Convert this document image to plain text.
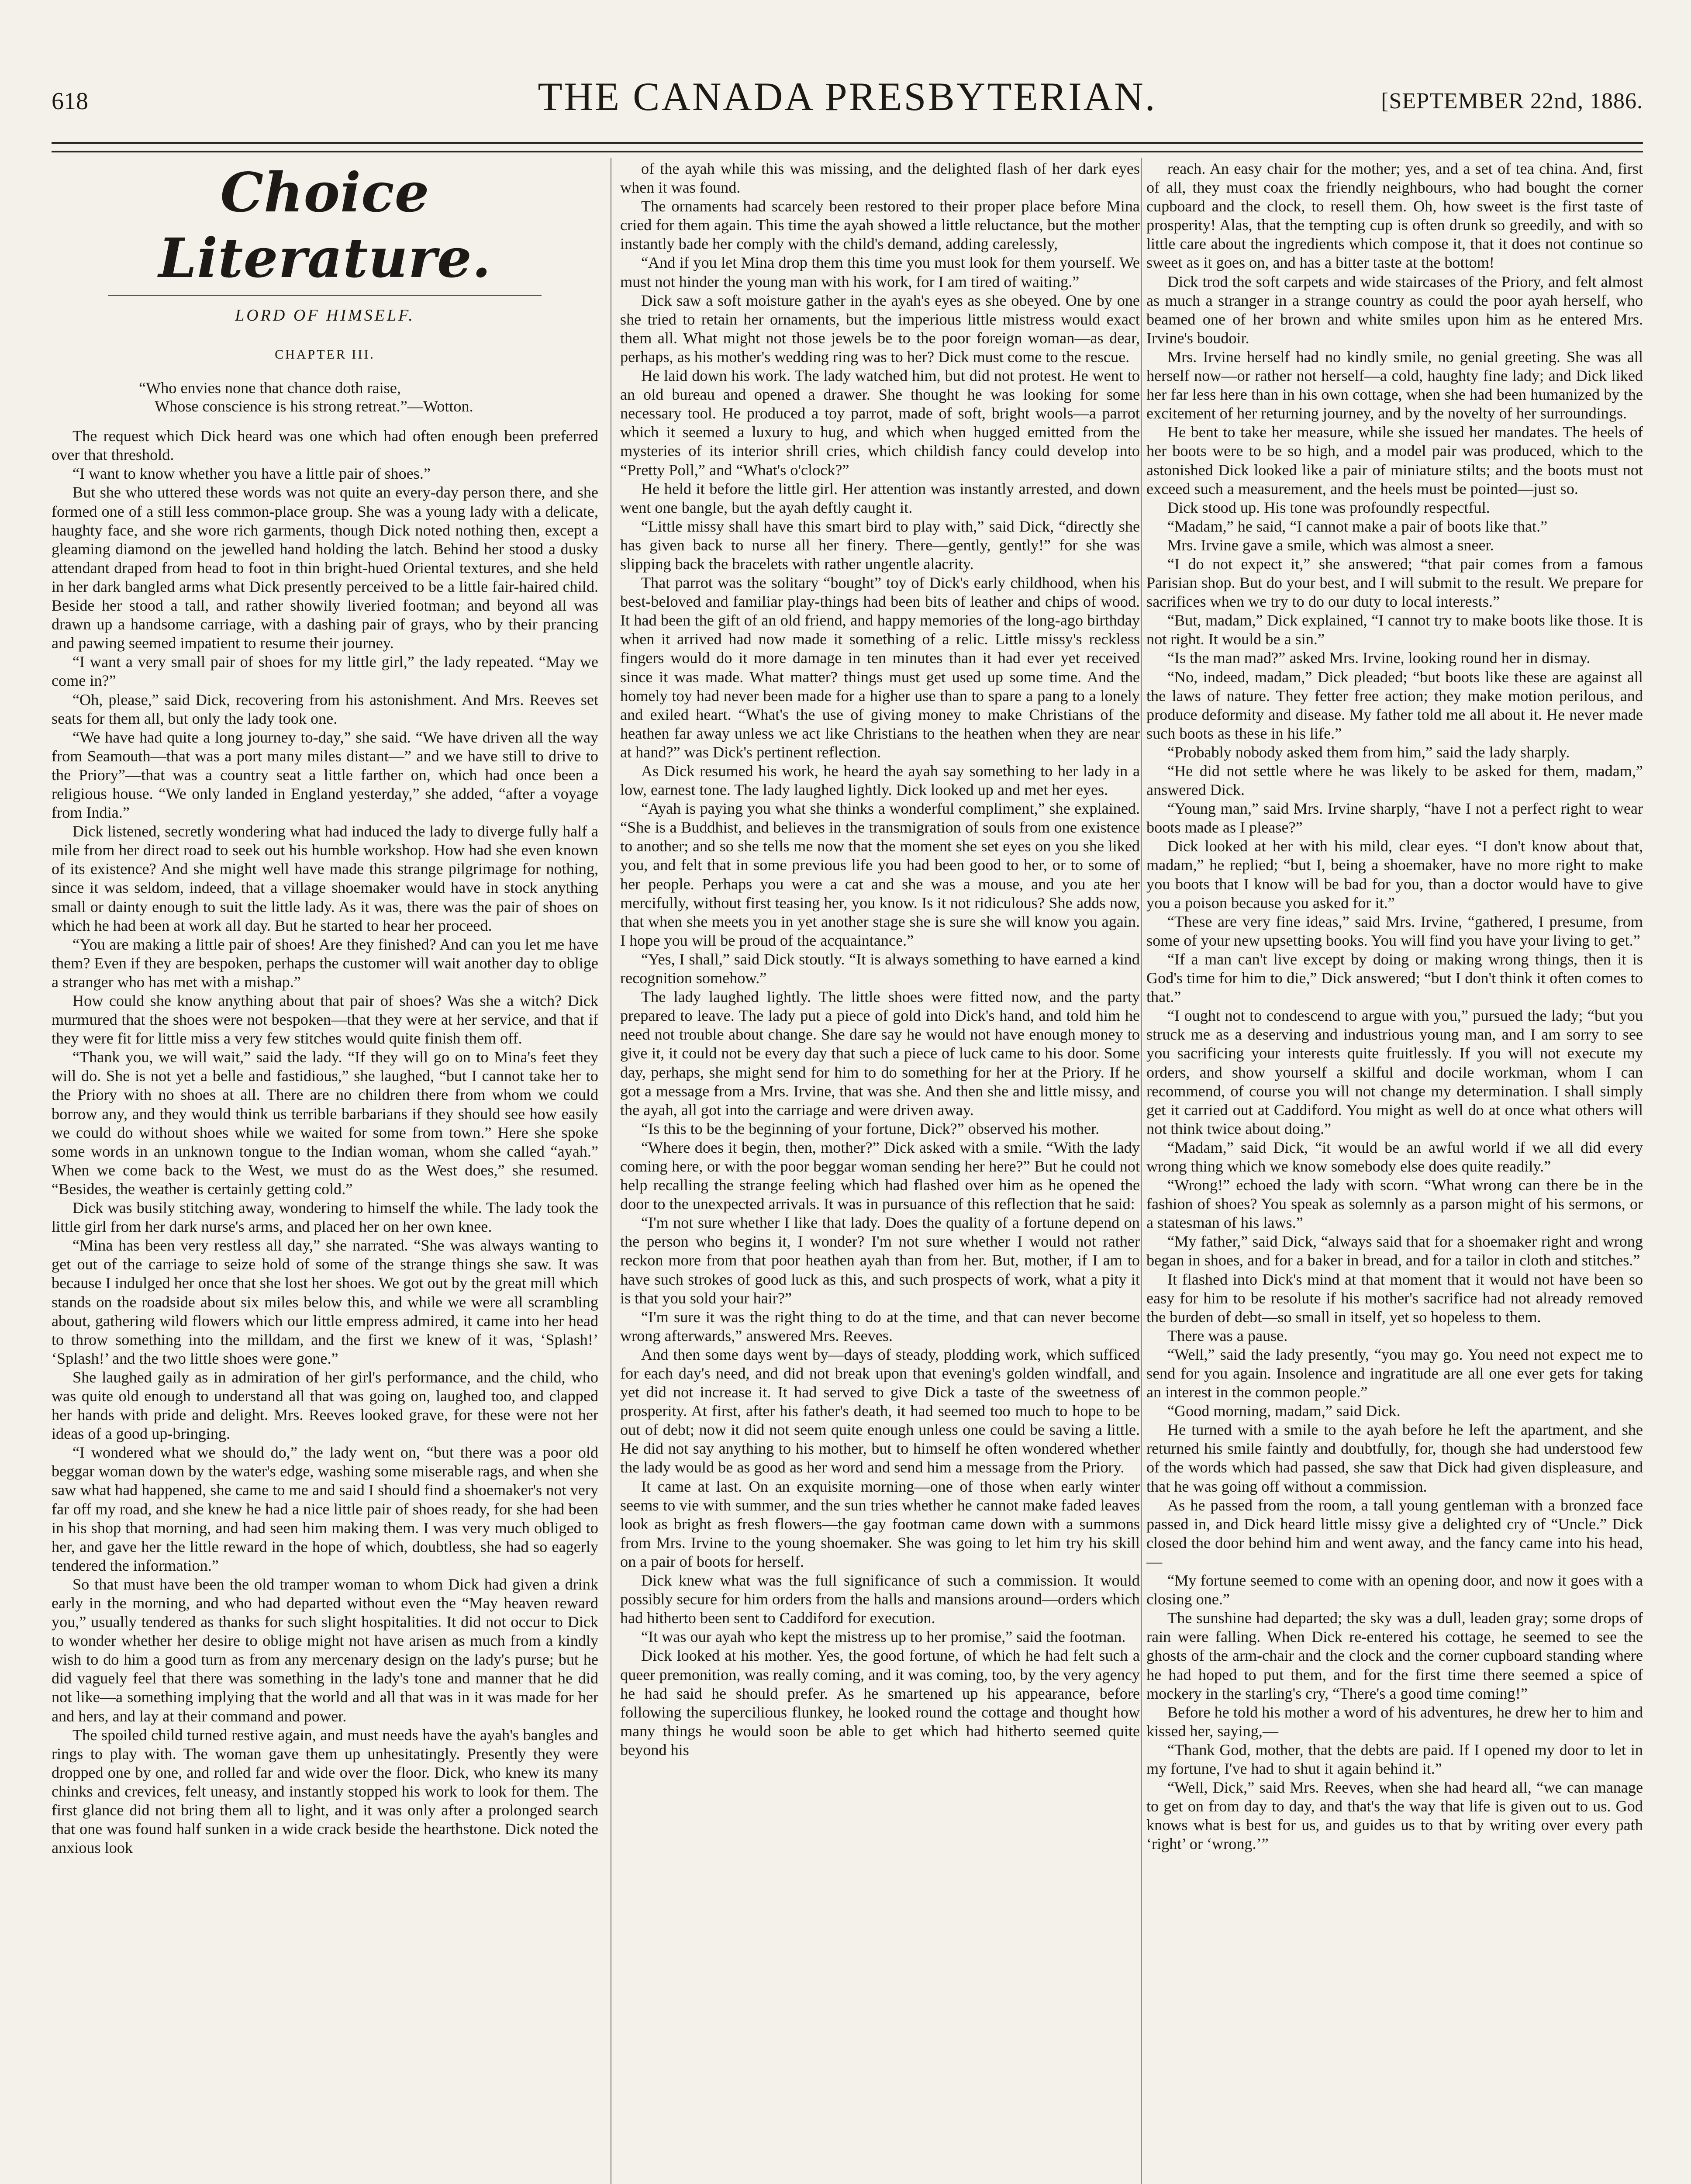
618	THE CANADA PRESBYTERIAN.	[SEPTEMBER 22nd, 1886.
Choice Literature.
LORD OF HIMSELF.
CHAPTER III.
“Who envies none that chance doth raise,
Whose conscience is his strong retreat.”—Wotton.

The request which Dick heard was one which had often enough been preferred over that threshold.

“I want to know whether you have a little pair of shoes.”

But she who uttered these words was not quite an every-day person there, and she formed one of a still less common-place group. She was a young lady with a delicate, haughty face, and she wore rich garments, though Dick noted nothing then, except a gleaming diamond on the jewelled hand holding the latch. Behind her stood a dusky attendant draped from head to foot in thin bright-hued Oriental textures, and she held in her dark bangled arms what Dick presently perceived to be a little fair-haired child. Beside her stood a tall, and rather showily liveried footman; and beyond all was drawn up a handsome carriage, with a dashing pair of grays, who by their prancing and pawing seemed impatient to resume their journey.

“I want a very small pair of shoes for my little girl,” the lady repeated. “May we come in?”

“Oh, please,” said Dick, recovering from his astonishment. And Mrs. Reeves set seats for them all, but only the lady took one.

“We have had quite a long journey to-day,” she said. “We have driven all the way from Seamouth—that was a port many miles distant—” and we have still to drive to the Priory”—that was a country seat a little farther on, which had once been a religious house. “We only landed in England yesterday,” she added, “after a voyage from India.”

Dick listened, secretly wondering what had induced the lady to diverge fully half a mile from her direct road to seek out his humble workshop. How had she even known of its existence? And she might well have made this strange pilgrimage for nothing, since it was seldom, indeed, that a village shoemaker would have in stock anything small or dainty enough to suit the little lady. As it was, there was the pair of shoes on which he had been at work all day. But he started to hear her proceed.

“You are making a little pair of shoes! Are they finished? And can you let me have them? Even if they are bespoken, perhaps the customer will wait another day to oblige a stranger who has met with a mishap.”

How could she know anything about that pair of shoes? Was she a witch? Dick murmured that the shoes were not bespoken—that they were at her service, and that if they were fit for little miss a very few stitches would quite finish them off.

“Thank you, we will wait,” said the lady. “If they will go on to Mina's feet they will do. She is not yet a belle and fastidious,” she laughed, “but I cannot take her to the Priory with no shoes at all. There are no children there from whom we could borrow any, and they would think us terrible barbarians if they should see how easily we could do without shoes while we waited for some from town.” Here she spoke some words in an unknown tongue to the Indian woman, whom she called “ayah.” When we come back to the West, we must do as the West does,” she resumed. “Besides, the weather is certainly getting cold.”

Dick was busily stitching away, wondering to himself the while. The lady took the little girl from her dark nurse's arms, and placed her on her own knee.

“Mina has been very restless all day,” she narrated. “She was always wanting to get out of the carriage to seize hold of some of the strange things she saw. It was because I indulged her once that she lost her shoes. We got out by the great mill which stands on the roadside about six miles below this, and while we were all scrambling about, gathering wild flowers which our little empress admired, it came into her head to throw something into the milldam, and the first we knew of it was, ‘Splash!’ ‘Splash!’ and the two little shoes were gone.”

She laughed gaily as in admiration of her girl's performance, and the child, who was quite old enough to understand all that was going on, laughed too, and clapped her hands with pride and delight. Mrs. Reeves looked grave, for these were not her ideas of a good up-bringing.

“I wondered what we should do,” the lady went on, “but there was a poor old beggar woman down by the water's edge, washing some miserable rags, and when she saw what had happened, she came to me and said I should find a shoemaker's not very far off my road, and she knew he had a nice little pair of shoes ready, for she had been in his shop that morning, and had seen him making them. I was very much obliged to her, and gave her the little reward in the hope of which, doubtless, she had so eagerly tendered the information.”

So that must have been the old tramper woman to whom Dick had given a drink early in the morning, and who had departed without even the “May heaven reward you,” usually tendered as thanks for such slight hospitalities. It did not occur to Dick to wonder whether her desire to oblige might not have arisen as much from a kindly wish to do him a good turn as from any mercenary design on the lady's purse; but he did vaguely feel that there was something in the lady's tone and manner that he did not like—a something implying that the world and all that was in it was made for her and hers, and lay at their command and power.

The spoiled child turned restive again, and must needs have the ayah's bangles and rings to play with. The woman gave them up unhesitatingly. Presently they were dropped one by one, and rolled far and wide over the floor. Dick, who knew its many chinks and crevices, felt uneasy, and instantly stopped his work to look for them. The first glance did not bring them all to light, and it was only after a prolonged search that one was found half sunken in a wide crack beside the hearthstone. Dick noted the anxious look

of the ayah while this was missing, and the delighted flash of her dark eyes when it was found.

The ornaments had scarcely been restored to their proper place before Mina cried for them again. This time the ayah showed a little reluctance, but the mother instantly bade her comply with the child's demand, adding carelessly,

“And if you let Mina drop them this time you must look for them yourself. We must not hinder the young man with his work, for I am tired of waiting.”

Dick saw a soft moisture gather in the ayah's eyes as she obeyed. One by one she tried to retain her ornaments, but the imperious little mistress would exact them all. What might not those jewels be to the poor foreign woman—as dear, perhaps, as his mother's wedding ring was to her? Dick must come to the rescue.

He laid down his work. The lady watched him, but did not protest. He went to an old bureau and opened a drawer. She thought he was looking for some necessary tool. He produced a toy parrot, made of soft, bright wools—a parrot which it seemed a luxury to hug, and which when hugged emitted from the mysteries of its interior shrill cries, which childish fancy could develop into “Pretty Poll,” and “What's o'clock?”

He held it before the little girl. Her attention was instantly arrested, and down went one bangle, but the ayah deftly caught it.

“Little missy shall have this smart bird to play with,” said Dick, “directly she has given back to nurse all her finery. There—gently, gently!” for she was slipping back the bracelets with rather ungentle alacrity.

That parrot was the solitary “bought” toy of Dick's early childhood, when his best-beloved and familiar play-things had been bits of leather and chips of wood. It had been the gift of an old friend, and happy memories of the long-ago birthday when it arrived had now made it something of a relic. Little missy's reckless fingers would do it more damage in ten minutes than it had ever yet received since it was made. What matter? things must get used up some time. And the homely toy had never been made for a higher use than to spare a pang to a lonely and exiled heart. “What's the use of giving money to make Christians of the heathen far away unless we act like Christians to the heathen when they are near at hand?” was Dick's pertinent reflection.

As Dick resumed his work, he heard the ayah say something to her lady in a low, earnest tone. The lady laughed lightly. Dick looked up and met her eyes.

“Ayah is paying you what she thinks a wonderful compliment,” she explained. “She is a Buddhist, and believes in the transmigration of souls from one existence to another; and so she tells me now that the moment she set eyes on you she liked you, and felt that in some previous life you had been good to her, or to some of her people. Perhaps you were a cat and she was a mouse, and you ate her mercifully, without first teasing her, you know. Is it not ridiculous? She adds now, that when she meets you in yet another stage she is sure she will know you again. I hope you will be proud of the acquaintance.”

“Yes, I shall,” said Dick stoutly. “It is always something to have earned a kind recognition somehow.”

The lady laughed lightly. The little shoes were fitted now, and the party prepared to leave. The lady put a piece of gold into Dick's hand, and told him he need not trouble about change. She dare say he would not have enough money to give it, it could not be every day that such a piece of luck came to his door. Some day, perhaps, she might send for him to do something for her at the Priory. If he got a message from a Mrs. Irvine, that was she. And then she and little missy, and the ayah, all got into the carriage and were driven away.

“Is this to be the beginning of your fortune, Dick?” observed his mother.

“Where does it begin, then, mother?” Dick asked with a smile. “With the lady coming here, or with the poor beggar woman sending her here?” But he could not help recalling the strange feeling which had flashed over him as he opened the door to the unexpected arrivals. It was in pursuance of this reflection that he said:

“I'm not sure whether I like that lady. Does the quality of a fortune depend on the person who begins it, I wonder? I'm not sure whether I would not rather reckon more from that poor heathen ayah than from her. But, mother, if I am to have such strokes of good luck as this, and such prospects of work, what a pity it is that you sold your hair?”

“I'm sure it was the right thing to do at the time, and that can never become wrong afterwards,” answered Mrs. Reeves.

And then some days went by—days of steady, plodding work, which sufficed for each day's need, and did not break upon that evening's golden windfall, and yet did not increase it. It had served to give Dick a taste of the sweetness of prosperity. At first, after his father's death, it had seemed too much to hope to be out of debt; now it did not seem quite enough unless one could be saving a little. He did not say anything to his mother, but to himself he often wondered whether the lady would be as good as her word and send him a message from the Priory.

It came at last. On an exquisite morning—one of those when early winter seems to vie with summer, and the sun tries whether he cannot make faded leaves look as bright as fresh flowers—the gay footman came down with a summons from Mrs. Irvine to the young shoemaker. She was going to let him try his skill on a pair of boots for herself.

Dick knew what was the full significance of such a commission. It would possibly secure for him orders from the halls and mansions around—orders which had hitherto been sent to Caddiford for execution.

“It was our ayah who kept the mistress up to her promise,” said the footman.

Dick looked at his mother. Yes, the good fortune, of which he had felt such a queer premonition, was really coming, and it was coming, too, by the very agency he had said he should prefer. As he smartened up his appearance, before following the supercilious flunkey, he looked round the cottage and thought how many things he would soon be able to get which had hitherto seemed quite beyond his

reach. An easy chair for the mother; yes, and a set of tea china. And, first of all, they must coax the friendly neighbours, who had bought the corner cupboard and the clock, to resell them. Oh, how sweet is the first taste of prosperity! Alas, that the tempting cup is often drunk so greedily, and with so little care about the ingredients which compose it, that it does not continue so sweet as it goes on, and has a bitter taste at the bottom!

Dick trod the soft carpets and wide staircases of the Priory, and felt almost as much a stranger in a strange country as could the poor ayah herself, who beamed one of her brown and white smiles upon him as he entered Mrs. Irvine's boudoir.

Mrs. Irvine herself had no kindly smile, no genial greeting. She was all herself now—or rather not herself—a cold, haughty fine lady; and Dick liked her far less here than in his own cottage, when she had been humanized by the excitement of her returning journey, and by the novelty of her surroundings.

He bent to take her measure, while she issued her mandates. The heels of her boots were to be so high, and a model pair was produced, which to the astonished Dick looked like a pair of miniature stilts; and the boots must not exceed such a measurement, and the heels must be pointed—just so.

Dick stood up. His tone was profoundly respectful.

“Madam,” he said, “I cannot make a pair of boots like that.”

Mrs. Irvine gave a smile, which was almost a sneer.

“I do not expect it,” she answered; “that pair comes from a famous Parisian shop. But do your best, and I will submit to the result. We prepare for sacrifices when we try to do our duty to local interests.”

“But, madam,” Dick explained, “I cannot try to make boots like those. It is not right. It would be a sin.”

“Is the man mad?” asked Mrs. Irvine, looking round her in dismay.

“No, indeed, madam,” Dick pleaded; “but boots like these are against all the laws of nature. They fetter free action; they make motion perilous, and produce deformity and disease. My father told me all about it. He never made such boots as these in his life.”

“Probably nobody asked them from him,” said the lady sharply.

“He did not settle where he was likely to be asked for them, madam,” answered Dick.

“Young man,” said Mrs. Irvine sharply, “have I not a perfect right to wear boots made as I please?”

Dick looked at her with his mild, clear eyes. “I don't know about that, madam,” he replied; “but I, being a shoemaker, have no more right to make you boots that I know will be bad for you, than a doctor would have to give you a poison because you asked for it.”

“These are very fine ideas,” said Mrs. Irvine, “gathered, I presume, from some of your new upsetting books. You will find you have your living to get.”

“If a man can't live except by doing or making wrong things, then it is God's time for him to die,” Dick answered; “but I don't think it often comes to that.”

“I ought not to condescend to argue with you,” pursued the lady; “but you struck me as a deserving and industrious young man, and I am sorry to see you sacrificing your interests quite fruitlessly. If you will not execute my orders, and show yourself a skilful and docile workman, whom I can recommend, of course you will not change my determination. I shall simply get it carried out at Caddiford. You might as well do at once what others will not think twice about doing.”

“Madam,” said Dick, “it would be an awful world if we all did every wrong thing which we know somebody else does quite readily.”

“Wrong!” echoed the lady with scorn. “What wrong can there be in the fashion of shoes? You speak as solemnly as a parson might of his sermons, or a statesman of his laws.”

“My father,” said Dick, “always said that for a shoemaker right and wrong began in shoes, and for a baker in bread, and for a tailor in cloth and stitches.”

It flashed into Dick's mind at that moment that it would not have been so easy for him to be resolute if his mother's sacrifice had not already removed the burden of debt—so small in itself, yet so hopeless to them.

There was a pause.

“Well,” said the lady presently, “you may go. You need not expect me to send for you again. Insolence and ingratitude are all one ever gets for taking an interest in the common people.”

“Good morning, madam,” said Dick.

He turned with a smile to the ayah before he left the apartment, and she returned his smile faintly and doubtfully, for, though she had understood few of the words which had passed, she saw that Dick had given displeasure, and that he was going off without a commission.

As he passed from the room, a tall young gentleman with a bronzed face passed in, and Dick heard little missy give a delighted cry of “Uncle.” Dick closed the door behind him and went away, and the fancy came into his head,—

“My fortune seemed to come with an opening door, and now it goes with a closing one.”

The sunshine had departed; the sky was a dull, leaden gray; some drops of rain were falling. When Dick re-entered his cottage, he seemed to see the ghosts of the arm-chair and the clock and the corner cupboard standing where he had hoped to put them, and for the first time there seemed a spice of mockery in the starling's cry, “There's a good time coming!”

Before he told his mother a word of his adventures, he drew her to him and kissed her, saying,—

“Thank God, mother, that the debts are paid. If I opened my door to let in my fortune, I've had to shut it again behind it.”

“Well, Dick,” said Mrs. Reeves, when she had heard all, “we can manage to get on from day to day, and that's the way that life is given out to us. God knows what is best for us, and guides us to that by writing over every path ‘right’ or ‘wrong.’”
